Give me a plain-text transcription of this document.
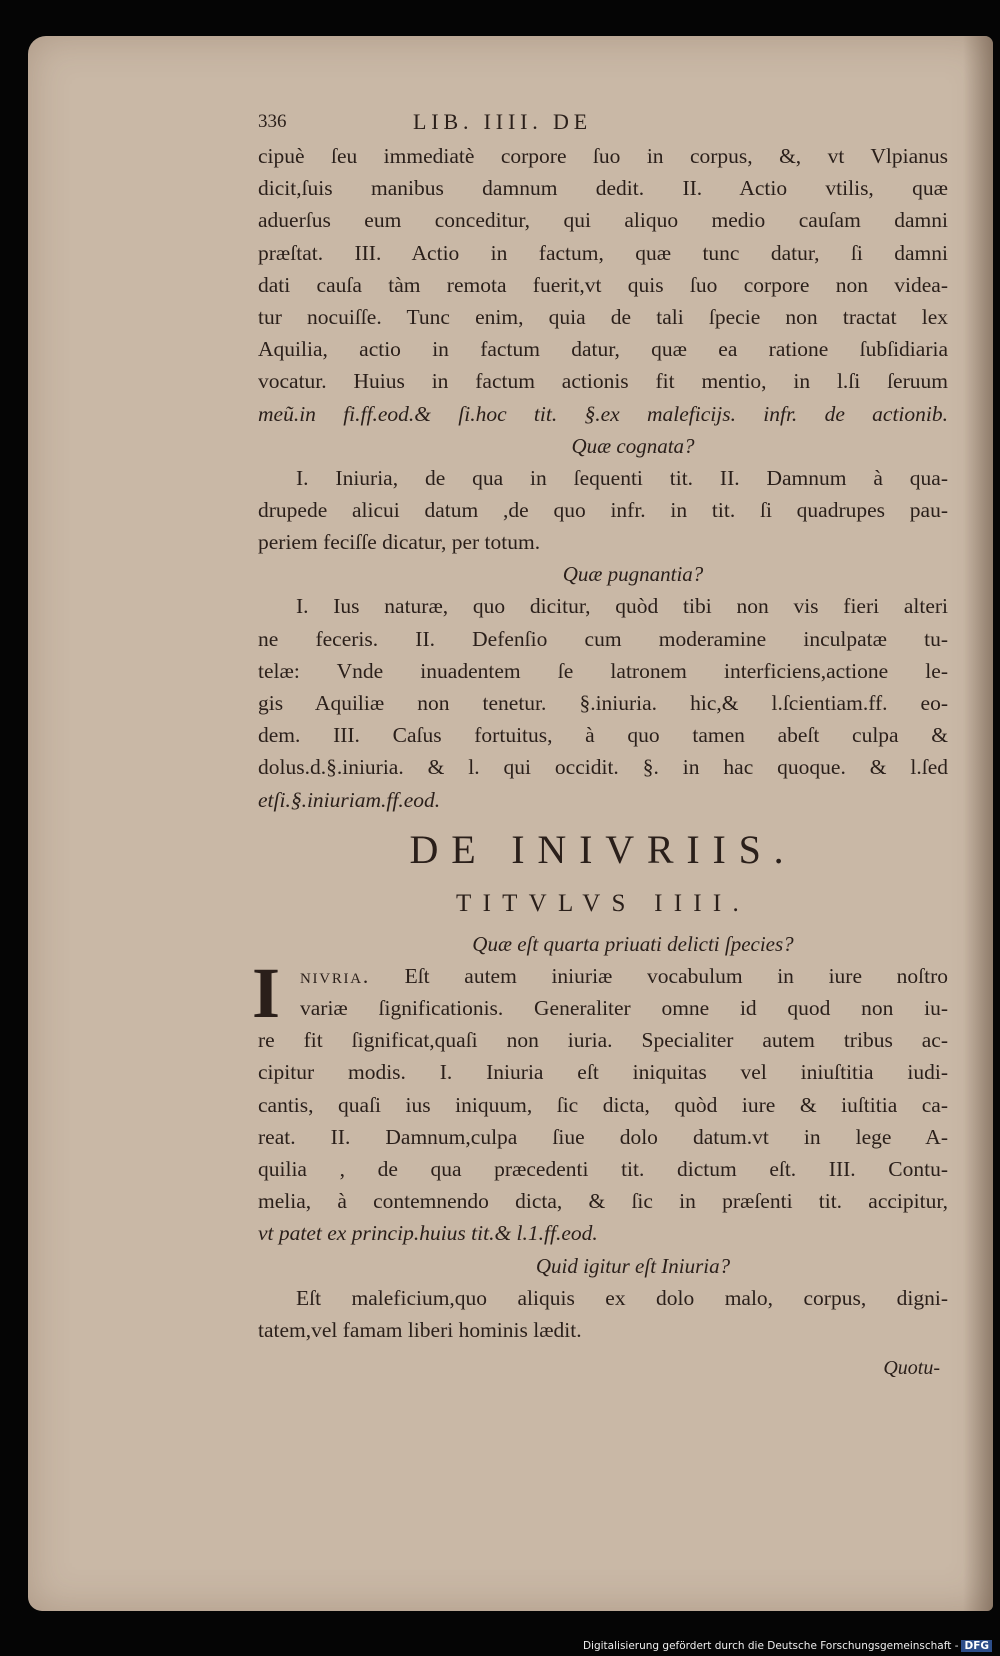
336	LIB. IIII. DE
cipuè ſeu immediatè corpore ſuo in corpus, &, vt Vlpianus
dicit,ſuis manibus damnum dedit. II. Actio vtilis, quæ
aduerſus eum conceditur, qui aliquo medio cauſam damni
præſtat. III. Actio in factum, quæ tunc datur, ſi damni
dati cauſa tàm remota fuerit,vt quis ſuo corpore non videa-
tur nocuiſſe. Tunc enim, quia de tali ſpecie non tractat lex
Aquilia, actio in factum datur, quæ ea ratione ſubſidiaria
vocatur. Huius in factum actionis fit mentio, in l.ſi ſeruum
meũ.in fi.ff.eod.& ſi.hoc tit. §.ex maleficijs. infr. de actionib.
Quæ cognata?
I. Iniuria, de qua in ſequenti tit. II. Damnum à qua-
drupede alicui datum ,de quo infr. in tit. ſi quadrupes pau-
periem feciſſe dicatur, per totum.
Quæ pugnantia?
I. Ius naturæ, quo dicitur, quòd tibi non vis fieri alteri
ne feceris. II. Defenſio cum moderamine inculpatæ tu-
telæ: Vnde inuadentem ſe latronem interficiens,actione le-
gis Aquiliæ non tenetur. §.iniuria. hic,& l.ſcientiam.ff. eo-
dem. III. Caſus fortuitus, à quo tamen abeſt culpa &
dolus.d.§.iniuria. & l. qui occidit. §. in hac quoque. & l.ſed
etſi.§.iniuriam.ff.eod.
DE INIVRIIS.
TITVLVS IIII.
Quæ eſt quarta priuati delicti ſpecies?
I nivria. Eſt autem iniuriæ vocabulum in iure noſtro
variæ ſignificationis. Generaliter omne id quod non iu-
re fit ſignificat,quaſi non iuria. Specialiter autem tribus ac-
cipitur modis. I. Iniuria eſt iniquitas vel iniuſtitia iudi-
cantis, quaſi ius iniquum, ſic dicta, quòd iure & iuſtitia ca-
reat. II. Damnum,culpa ſiue dolo datum.vt in lege A-
quilia , de qua præcedenti tit. dictum eſt. III. Contu-
melia, à contemnendo dicta, & ſic in præſenti tit. accipitur,
vt patet ex princip.huius tit.& l.1.ff.eod.
Quid igitur eſt Iniuria?
Eſt maleficium,quo aliquis ex dolo malo, corpus, digni-
tatem,vel famam liberi hominis lædit.
Quotu-
Digitalisierung gefördert durch die Deutsche Forschungsgemeinschaft - DFG
